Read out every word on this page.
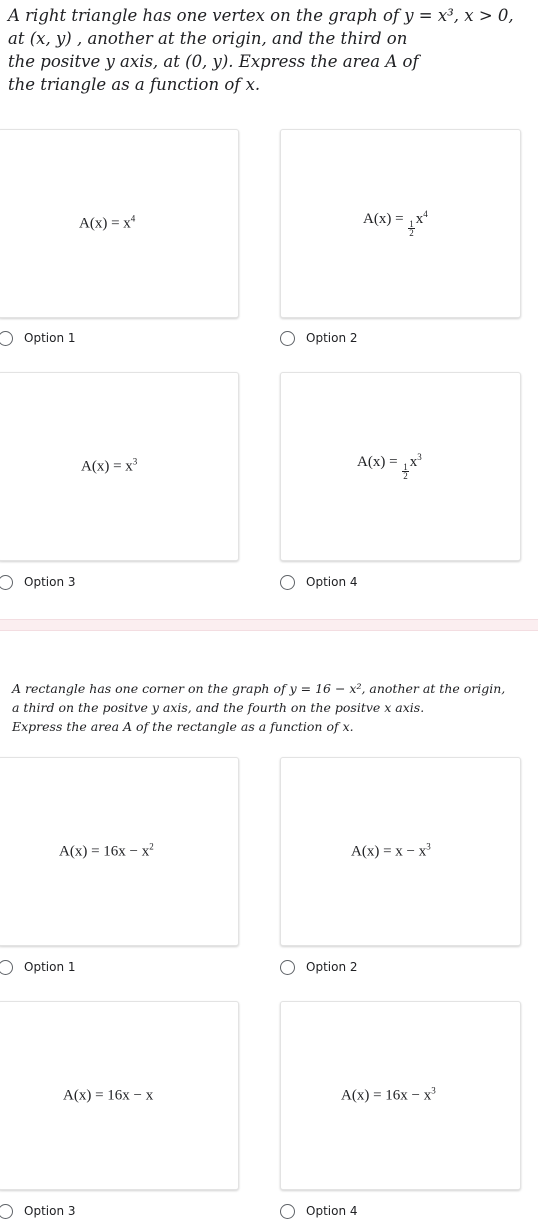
A right triangle has one vertex on the graph of y = x³, x > 0,
at (x, y) , another at the origin, and the third on
the positve y axis, at (0, y). Express the area A of
the triangle as a function of x.
$A(x) = x^4$
Option 1
A(x) =
$\frac{1}{2}$
$x^4$
Option 2
$A(x) = x^3$
Option 3
A(x) =
$\frac{1}{2}$
$x^3$
Option 4
A rectangle has one corner on the graph of y = 16 − x², another at the origin,
a third on the positve y axis, and the fourth on the positve x axis.
Express the area A of the rectangle as a function of x.
$A(x) = 16x - x^2$
Option 1
$A(x) = x - x^3$
Option 2
A(x) = 16x − x
Option 3
$A(x) = 16x - x^3$
Option 4
